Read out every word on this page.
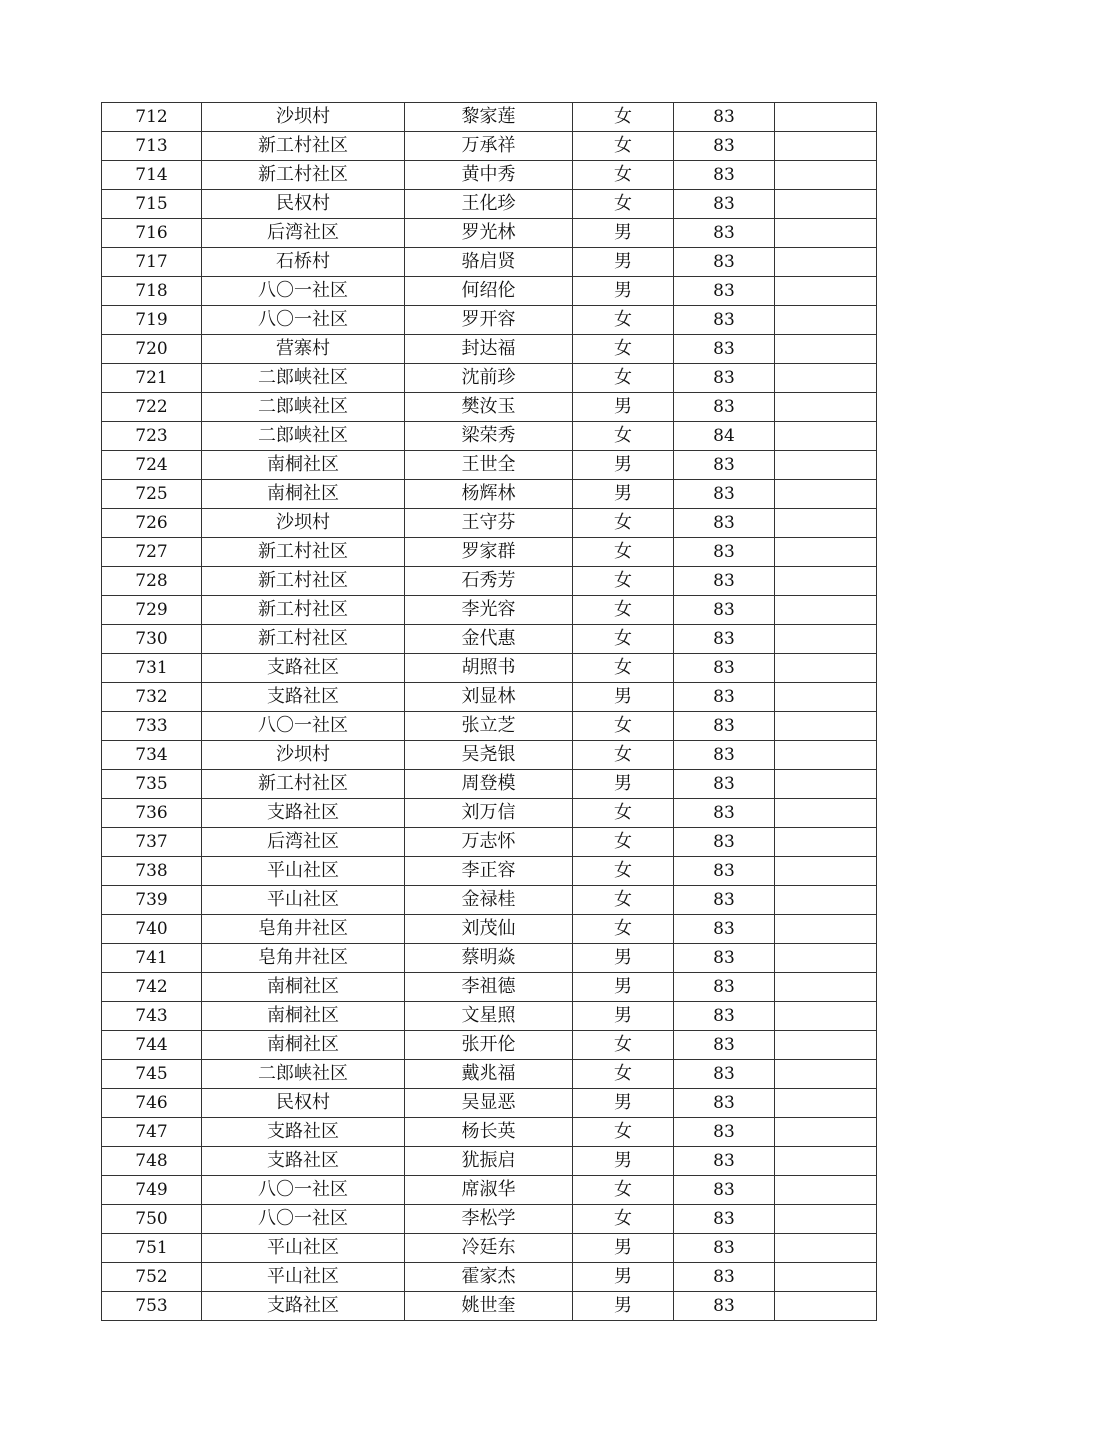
712	沙坝村	黎家莲	女	83	
713	新工村社区	万承祥	女	83	
714	新工村社区	黄中秀	女	83	
715	民权村	王化珍	女	83	
716	后湾社区	罗光林	男	83	
717	石桥村	骆启贤	男	83	
718	八〇一社区	何绍伦	男	83	
719	八〇一社区	罗开容	女	83	
720	营寨村	封达福	女	83	
721	二郎峡社区	沈前珍	女	83	
722	二郎峡社区	樊汝玉	男	83	
723	二郎峡社区	梁荣秀	女	84	
724	南桐社区	王世全	男	83	
725	南桐社区	杨辉林	男	83	
726	沙坝村	王守芬	女	83	
727	新工村社区	罗家群	女	83	
728	新工村社区	石秀芳	女	83	
729	新工村社区	李光容	女	83	
730	新工村社区	金代惠	女	83	
731	支路社区	胡照书	女	83	
732	支路社区	刘显林	男	83	
733	八〇一社区	张立芝	女	83	
734	沙坝村	吴尧银	女	83	
735	新工村社区	周登模	男	83	
736	支路社区	刘万信	女	83	
737	后湾社区	万志怀	女	83	
738	平山社区	李正容	女	83	
739	平山社区	金禄桂	女	83	
740	皂角井社区	刘茂仙	女	83	
741	皂角井社区	蔡明焱	男	83	
742	南桐社区	李祖德	男	83	
743	南桐社区	文星照	男	83	
744	南桐社区	张开伦	女	83	
745	二郎峡社区	戴兆福	女	83	
746	民权村	吴显恶	男	83	
747	支路社区	杨长英	女	83	
748	支路社区	犹振启	男	83	
749	八〇一社区	席淑华	女	83	
750	八〇一社区	李松学	女	83	
751	平山社区	冷廷东	男	83	
752	平山社区	霍家杰	男	83	
753	支路社区	姚世奎	男	83	
